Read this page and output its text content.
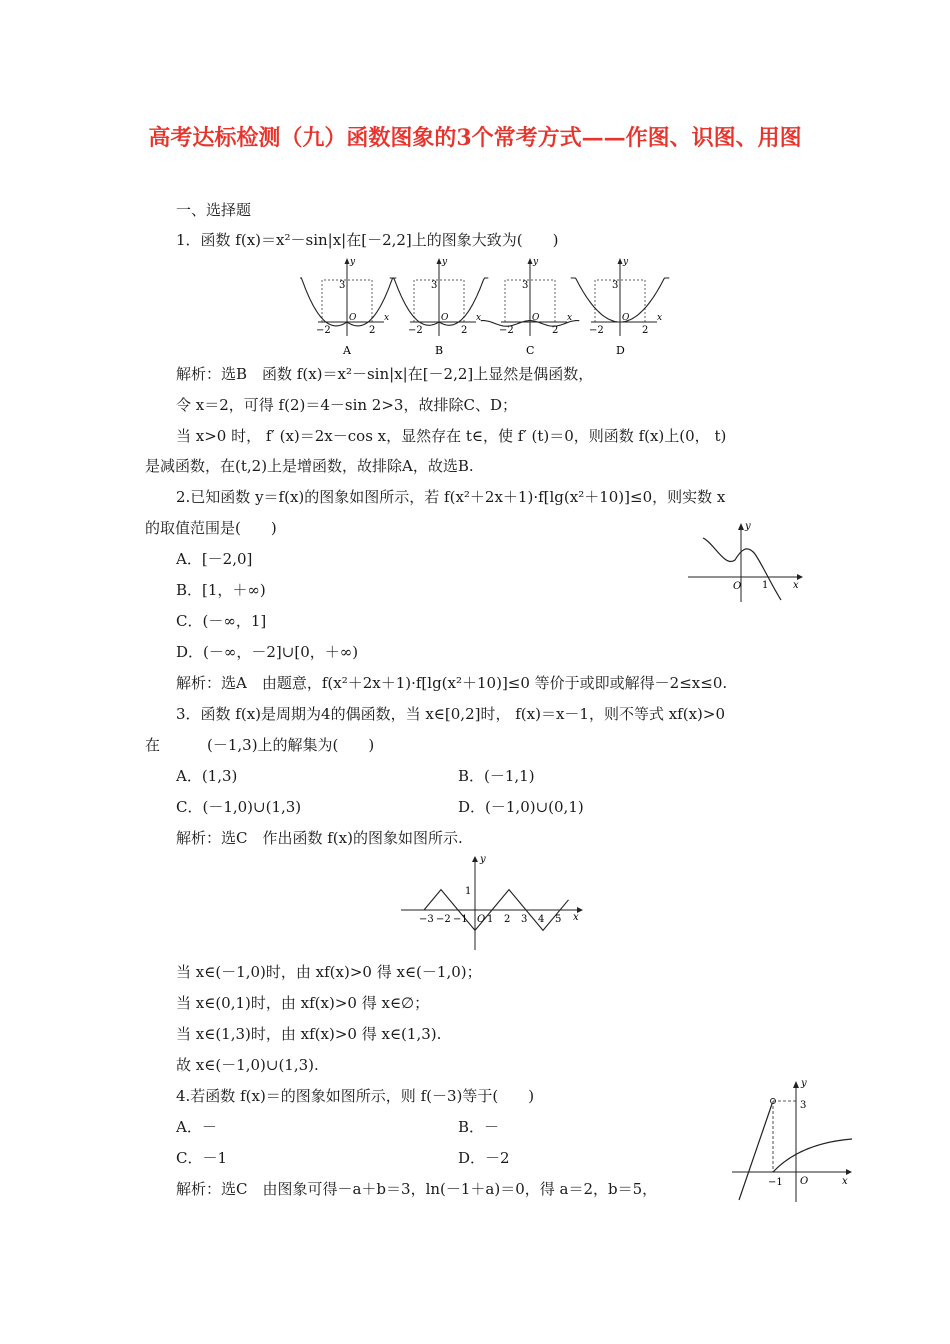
高考达标检测（九）函数图象的3个常考方式——作图、识图、用图
一、选择题
1．函数 f(x)＝x²－sin|x|在[－2,2]上的图象大致为(　　)
−2	2
3
y
O	x
A
−2	2
3
y
O	x
B
−2	2
3
y
O	x
C
−2	2
3
y
O	x
D
解析：选B　函数 f(x)＝x²－sin|x|在[－2,2]上显然是偶函数，
令 x＝2，可得 f(2)＝4－sin 2>3，故排除C、D；
当 x>0 时， f′ (x)＝2x－cos x，显然存在 t∈，使 f′ (t)＝0，则函数 f(x)上(0， t)
是减函数，在(t,2)上是增函数，故排除A，故选B.
2.已知函数 y＝f(x)的图象如图所示，若 f(x²＋2x＋1)·f[lg(x²＋10)]≤0，则实数 x
的取值范围是(　　)
A．[－2,0]
B．[1，＋∞)
C．(－∞，1]
D．(－∞，－2]∪[0，＋∞)
y
O 1 x
解析：选A　由题意，f(x²＋2x＋1)·f[lg(x²＋10)]≤0 等价于或即或解得－2≤x≤0.
3．函数 f(x)是周期为4的偶函数，当 x∈[0,2]时， f(x)＝x－1，则不等式 xf(x)>0
在	(－1,3)上的解集为(　　)
A．(1,3)	B．(－1,1)
C．(－1,0)∪(1,3)	D．(－1,0)∪(0,1)
解析：选C　作出函数 f(x)的图象如图所示.
−3 −2 −1 1 2 3 4 5
1
O
y
x
当 x∈(－1,0)时，由 xf(x)>0 得 x∈(－1,0)；
当 x∈(0,1)时，由 xf(x)>0 得 x∈∅；
当 x∈(1,3)时，由 xf(x)>0 得 x∈(1,3).
故 x∈(－1,0)∪(1,3).
4.若函数 f(x)＝的图象如图所示，则 f(－3)等于(　　)
A．－	B．－
C．－1	D．－2
解析：选C　由图象可得－a＋b＝3，ln(－1＋a)＝0，得 a＝2，b＝5，
y
3
−1 O	x
